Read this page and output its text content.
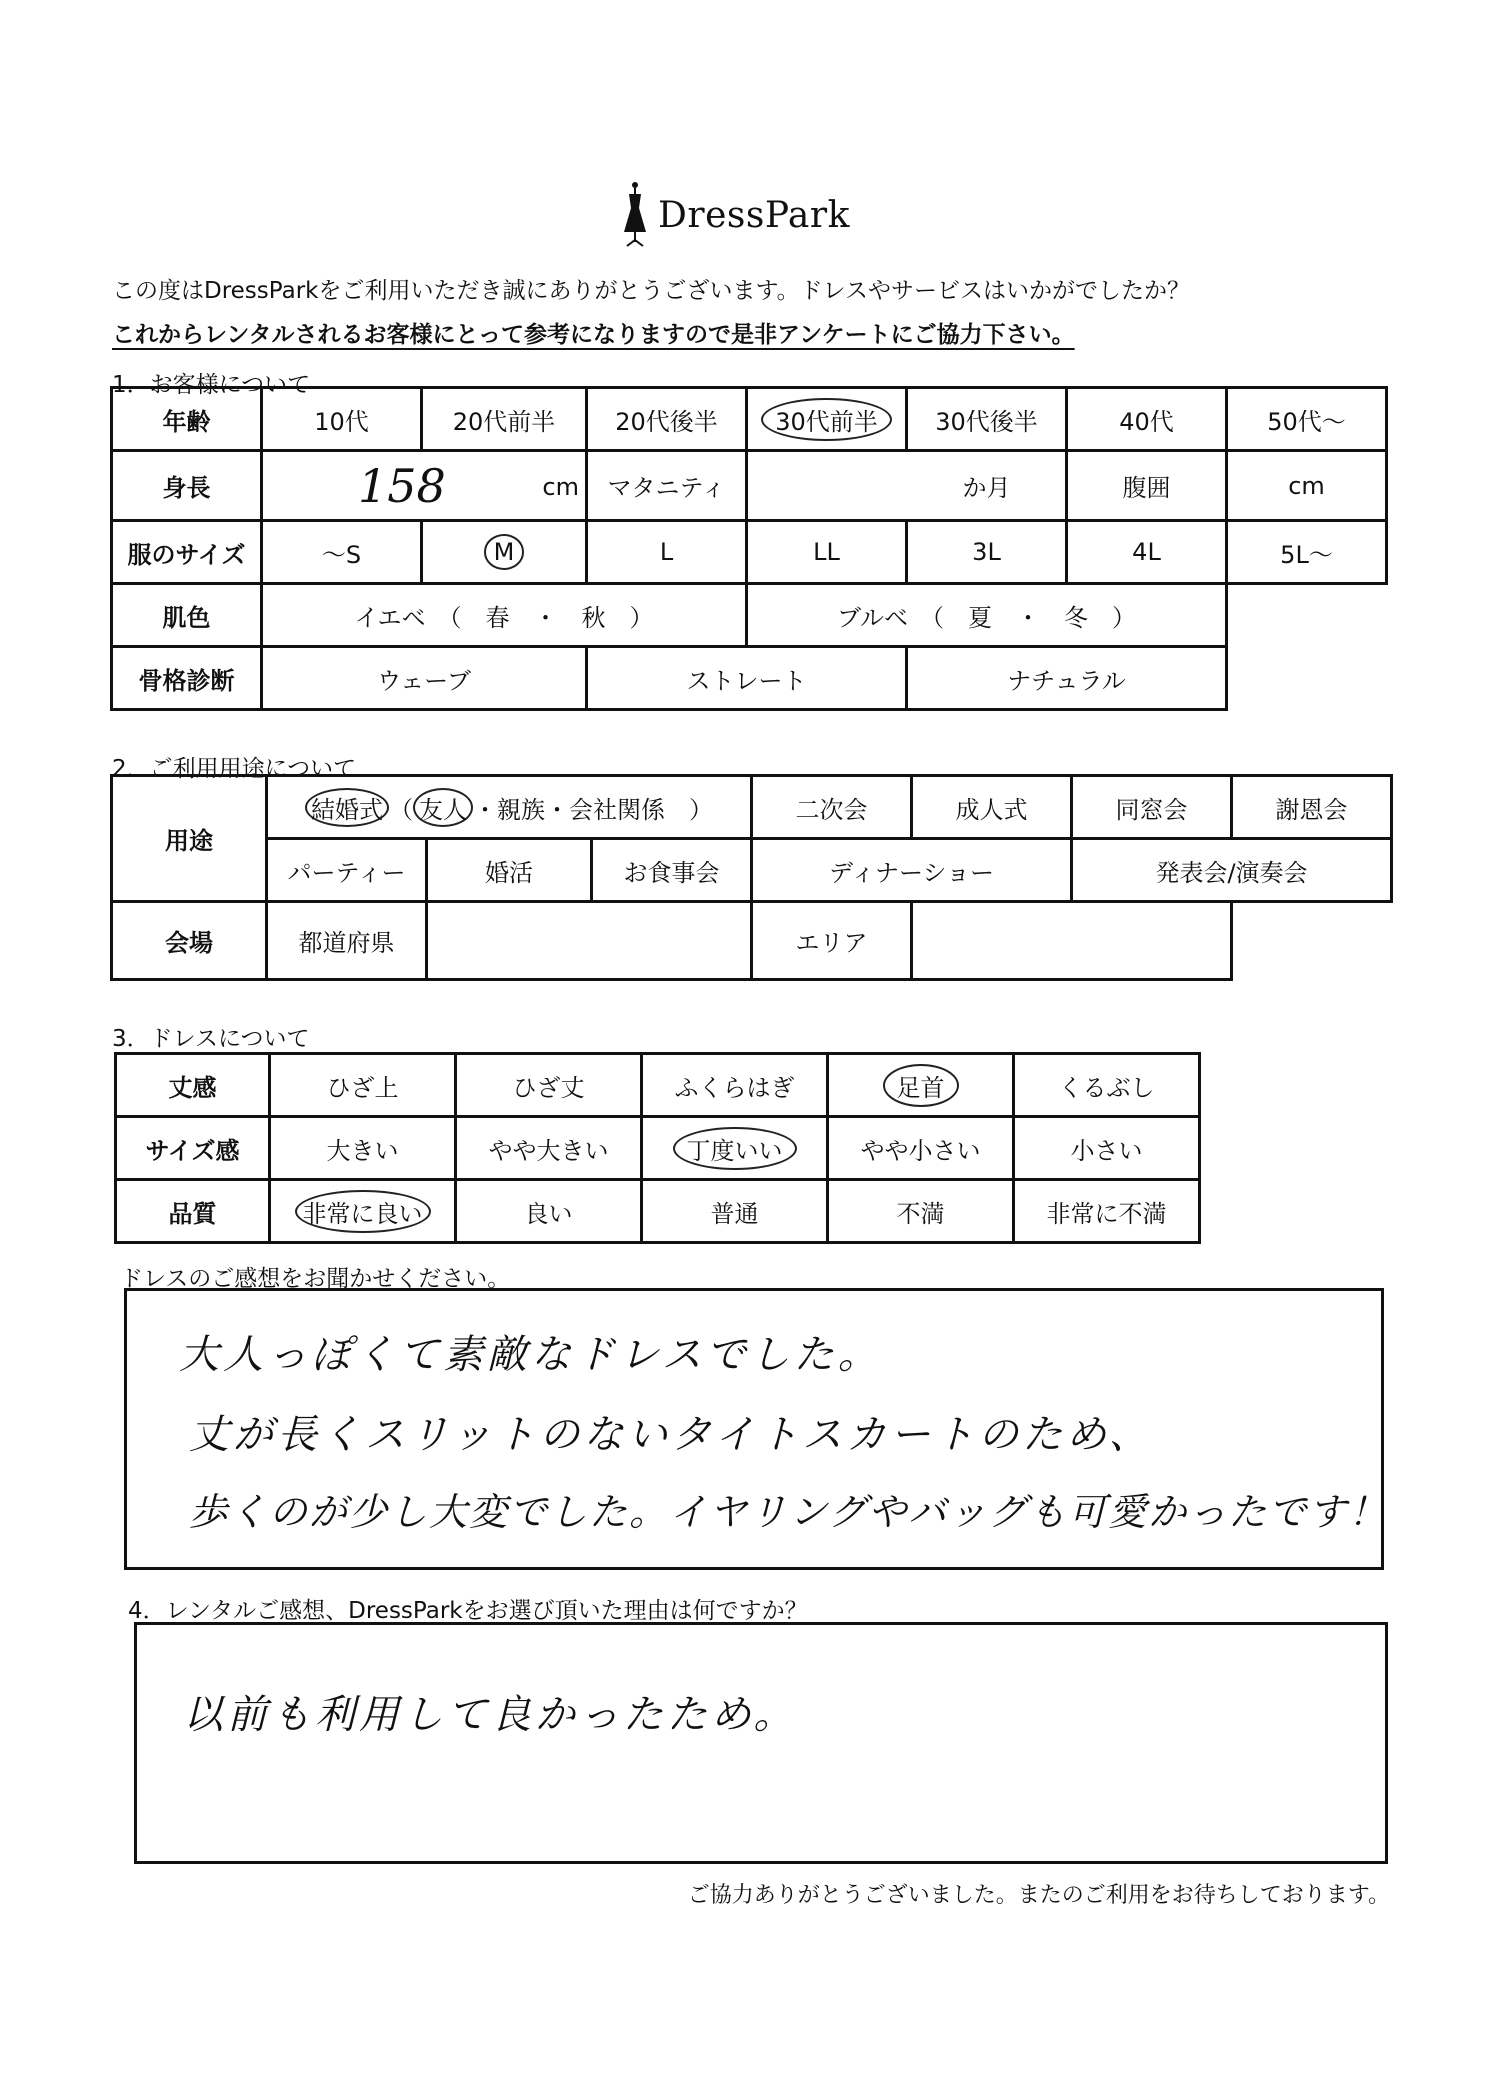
DressPark
この度はDressParkをご利用いただき誠にありがとうございます。ドレスやサービスはいかがでしたか？
これからレンタルされるお客様にとって参考になりますので是非アンケートにご協力下さい。
1．お客様について
年齢	10代	20代前半	20代後半	30代前半	30代後半	40代	50代～
身長	158 cm		マタニティ	か月		腹囲	cm
服のサイズ	～S	M	L	LL	3L	4L	5L～
肌色	イエベ　（　春　・　秋　）			ブルベ　（　夏　・　冬　）			
骨格診断	ウェーブ		ストレート		ナチュラル		
2．ご利用用途について
用途	結婚式 （ 友人 ・親族・会社関係　）			二次会	成人式	同窓会	謝恩会
	パーティー	婚活	お食事会	ディナーショー		発表会/演奏会	
会場	都道府県			エリア			
3．ドレスについて
丈感	ひざ上	ひざ丈	ふくらはぎ	足首	くるぶし
サイズ感	大きい	やや大きい	丁度いい	やや小さい	小さい
品質	非常に良い	良い	普通	不満	非常に不満
ドレスのご感想をお聞かせください。
大人っぽくて素敵なドレスでした。
丈が長くスリットのないタイトスカートのため、
歩くのが少し大変でした。イヤリングやバッグも可愛かったです！
4．レンタルご感想、DressParkをお選び頂いた理由は何ですか？
以前も利用して良かったため。
ご協力ありがとうございました。またのご利用をお待ちしております。
